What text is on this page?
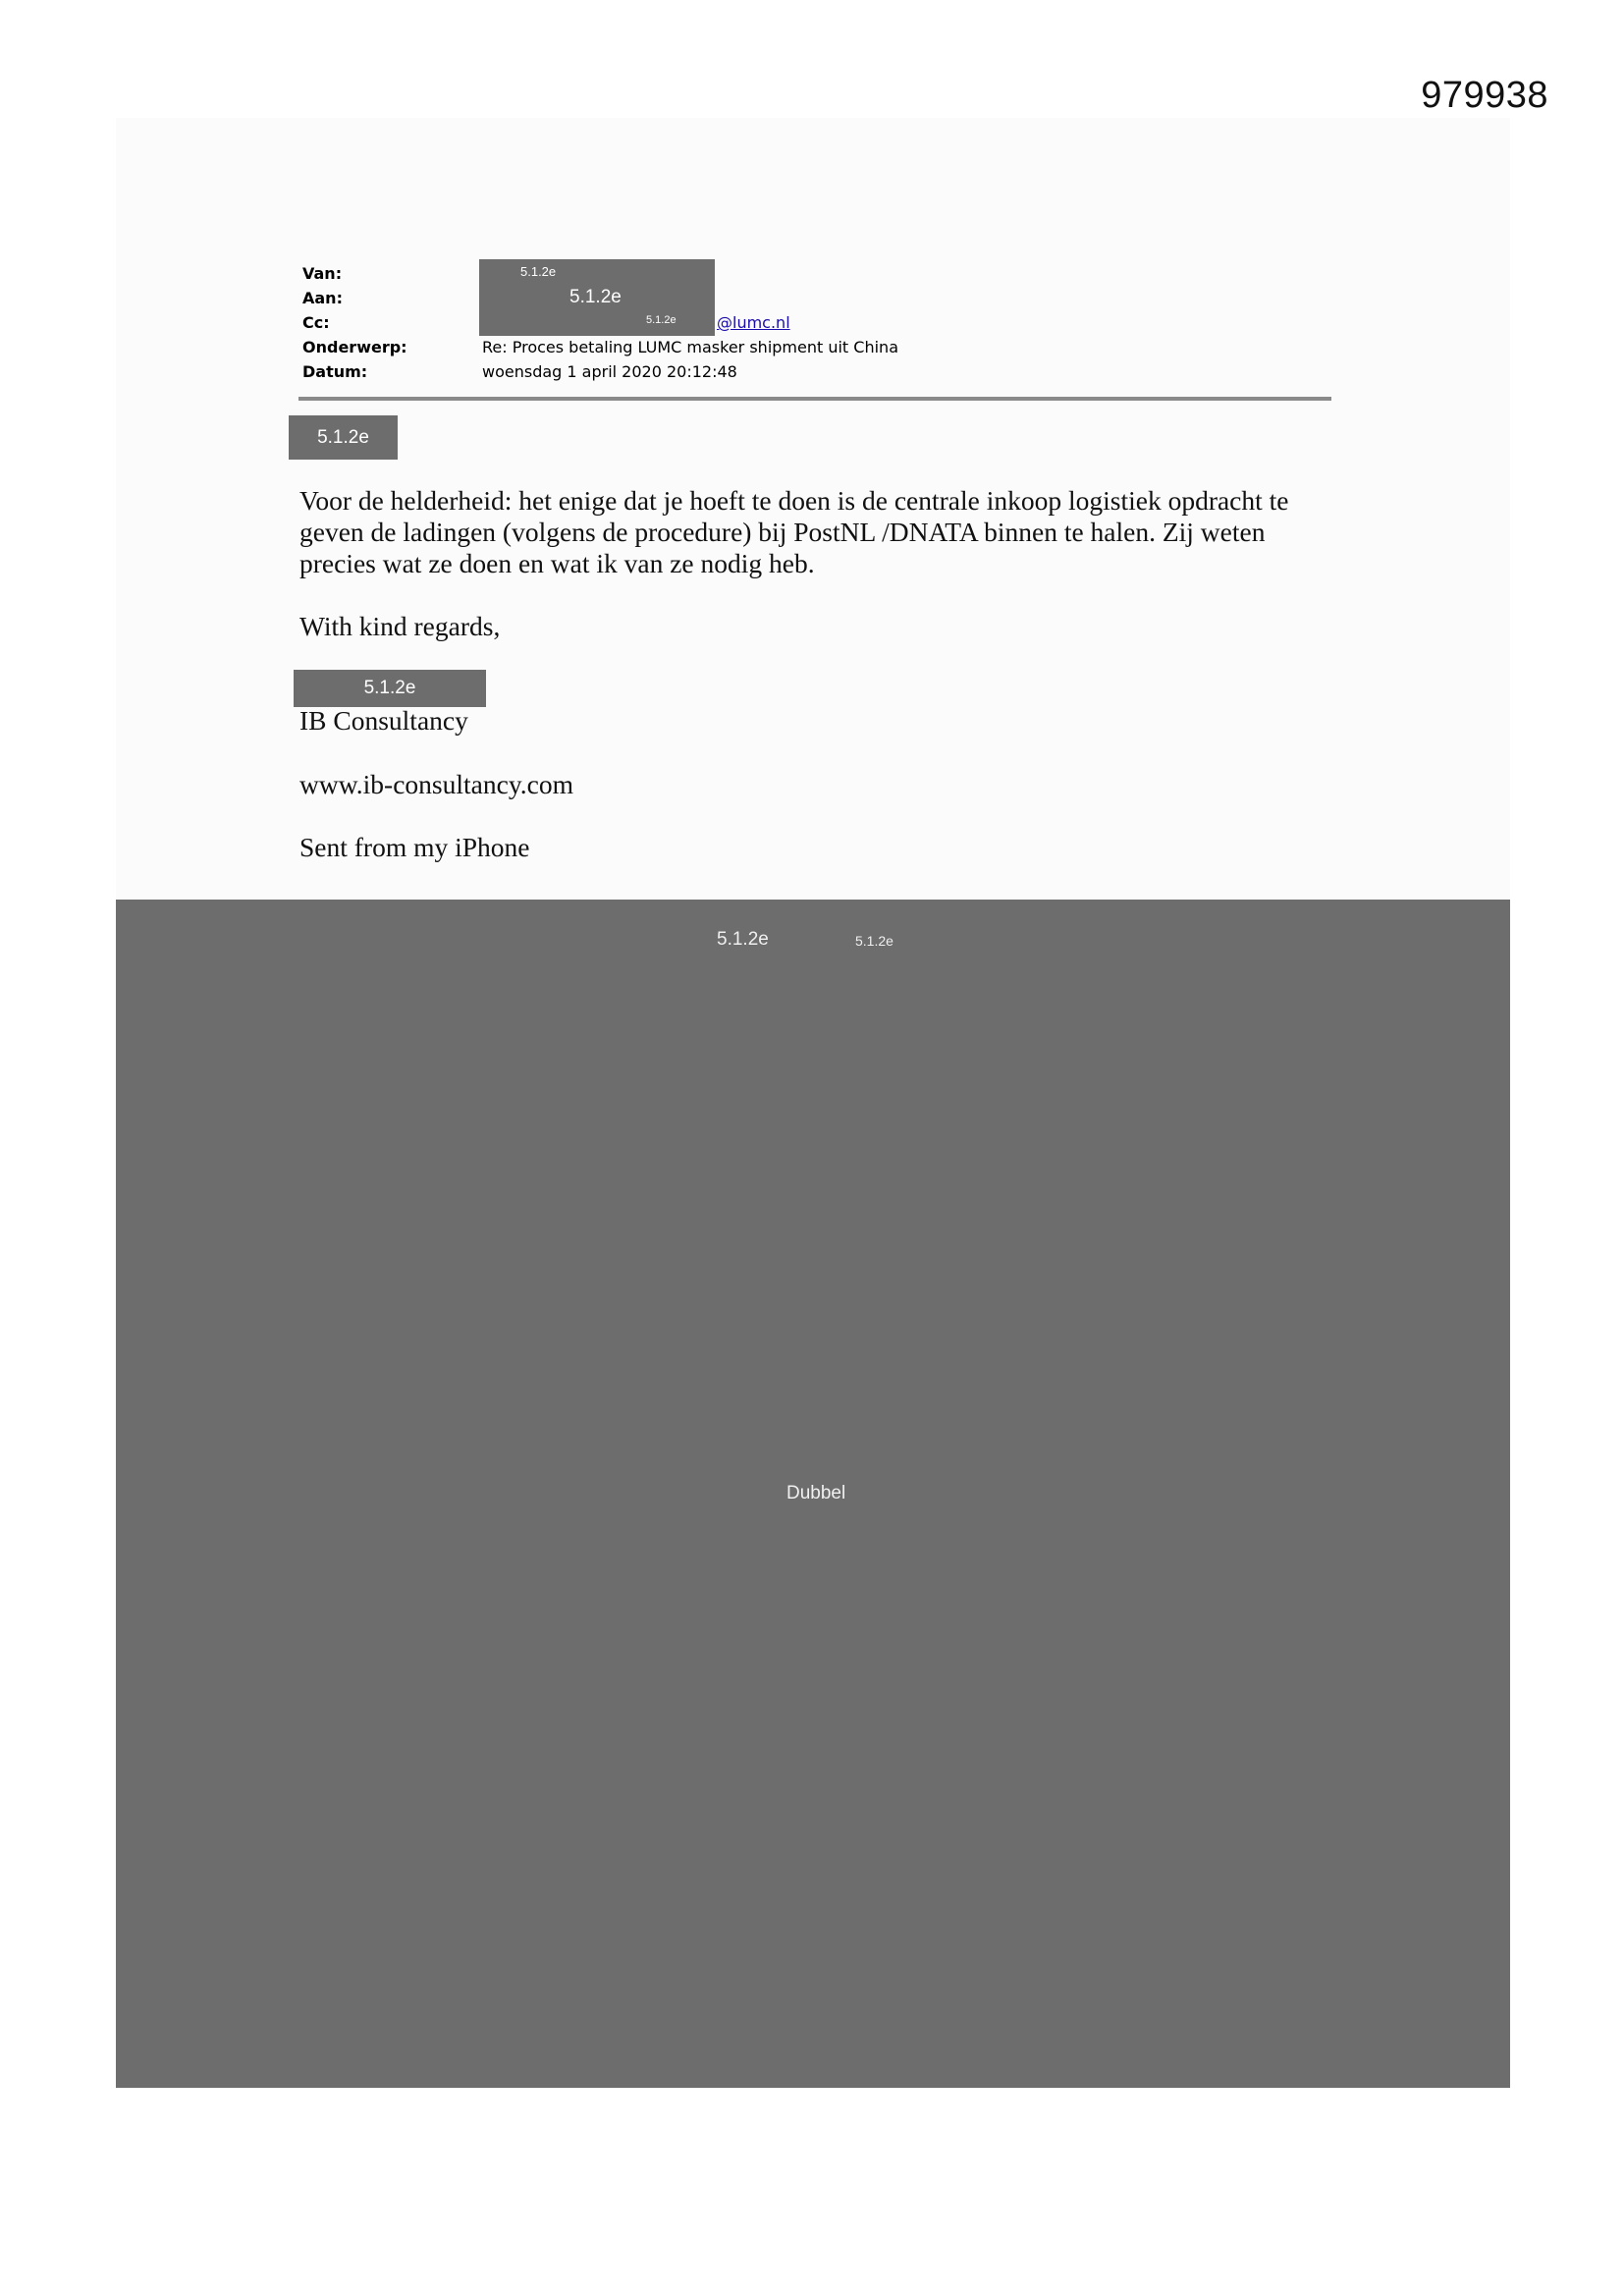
979938
Van:
Aan:
Cc:	@lumc.nl
Onderwerp:	Re: Proces betaling LUMC masker shipment uit China
Datum:	woensdag 1 april 2020 20:12:48
5.1.2e
5.1.2e
5.1.2e
5.1.2e
Voor de helderheid: het enige dat je hoeft te doen is de centrale inkoop logistiek opdracht te geven de ladingen (volgens de procedure) bij PostNL /DNATA binnen te halen. Zij weten precies wat ze doen en wat ik van ze nodig heb.
With kind regards,
5.1.2e
IB Consultancy
www.ib-consultancy.com
Sent from my iPhone
5.1.2e	5.1.2e
Dubbel
